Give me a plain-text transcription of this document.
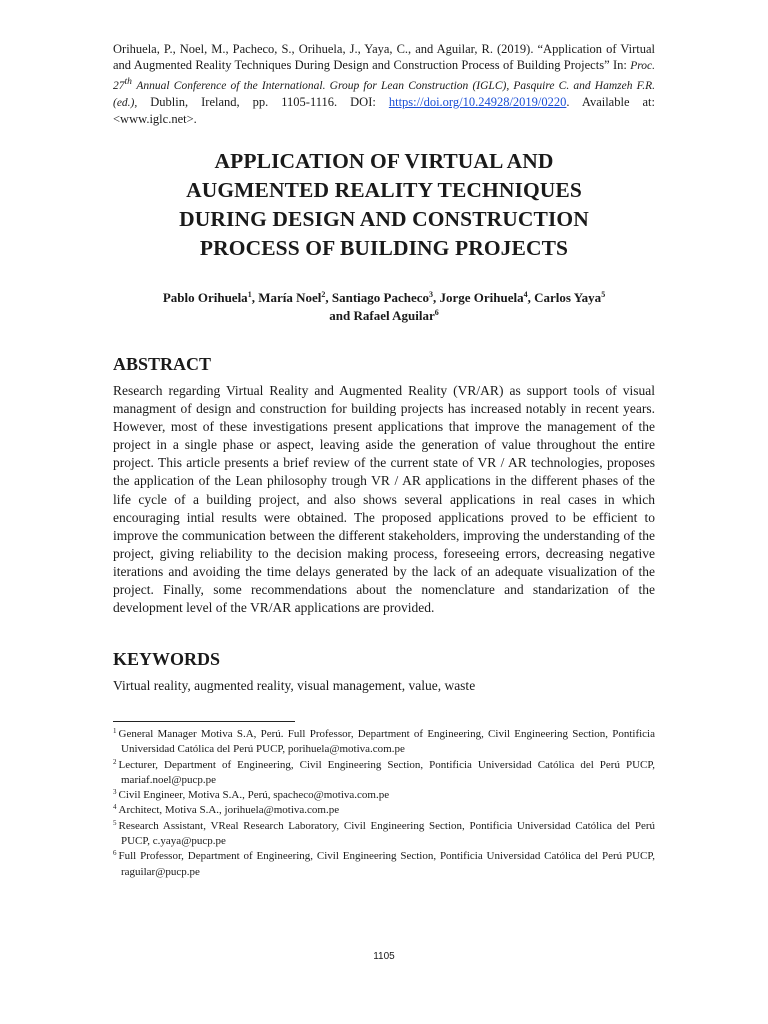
Orihuela, P., Noel, M., Pacheco, S., Orihuela, J., Yaya, C., and Aguilar, R. (2019). “Application of Virtual and Augmented Reality Techniques During Design and Construction Process of Building Projects” In: Proc. 27th Annual Conference of the International. Group for Lean Construction (IGLC), Pasquire C. and Hamzeh F.R. (ed.), Dublin, Ireland, pp. 1105-1116. DOI: https://doi.org/10.24928/2019/0220. Available at: <www.iglc.net>.
APPLICATION OF VIRTUAL AND
AUGMENTED REALITY TECHNIQUES
DURING DESIGN AND CONSTRUCTION
PROCESS OF BUILDING PROJECTS
Pablo Orihuela$^1$, María Noel$^2$, Santiago Pacheco$^3$, Jorge Orihuela$^4$, Carlos Yaya$^5$
and Rafael Aguilar$^6$
ABSTRACT
Research regarding Virtual Reality and Augmented Reality (VR/AR) as support tools of visual managment of design and construction for building projects has increased notably in recent years. However, most of these investigations present applications that improve the management of the project in a single phase or aspect, leaving aside the generation of value throughout the entire project. This article presents a brief review of the current state of VR / AR technologies, proposes the application of the Lean philosophy trough VR / AR applications in the different phases of the life cycle of a building project, and also shows several applications in real cases in which encouraging intial results were obtained. The proposed applications proved to be efficient to improve the communication between the different stakeholders, improving the understanding of the project, giving reliability to the decision making process, foreseeing errors, decreasing negative iterations and avoiding the time delays generated by the lack of an adequate visualization of the project. Finally, some recommendations about the nomenclature and standarization of the development level of the VR/AR applications are provided.
KEYWORDS
Virtual reality, augmented reality, visual management, value, waste
$^1$ General Manager Motiva S.A, Perú. Full Professor, Department of Engineering, Civil Engineering Section, Pontificia Universidad Católica del Perú PUCP, porihuela@motiva.com.pe
$^2$ Lecturer, Department of Engineering, Civil Engineering Section, Pontificia Universidad Católica del Perú PUCP, mariaf.noel@pucp.pe
$^3$ Civil Engineer, Motiva S.A., Perú, spacheco@motiva.com.pe
$^4$ Architect, Motiva S.A., jorihuela@motiva.com.pe
$^5$ Research Assistant, VReal Research Laboratory, Civil Engineering Section, Pontificia Universidad Católica del Perú PUCP, c.yaya@pucp.pe
$^6$ Full Professor, Department of Engineering, Civil Engineering Section, Pontificia Universidad Católica del Perú PUCP, raguilar@pucp.pe
1105
